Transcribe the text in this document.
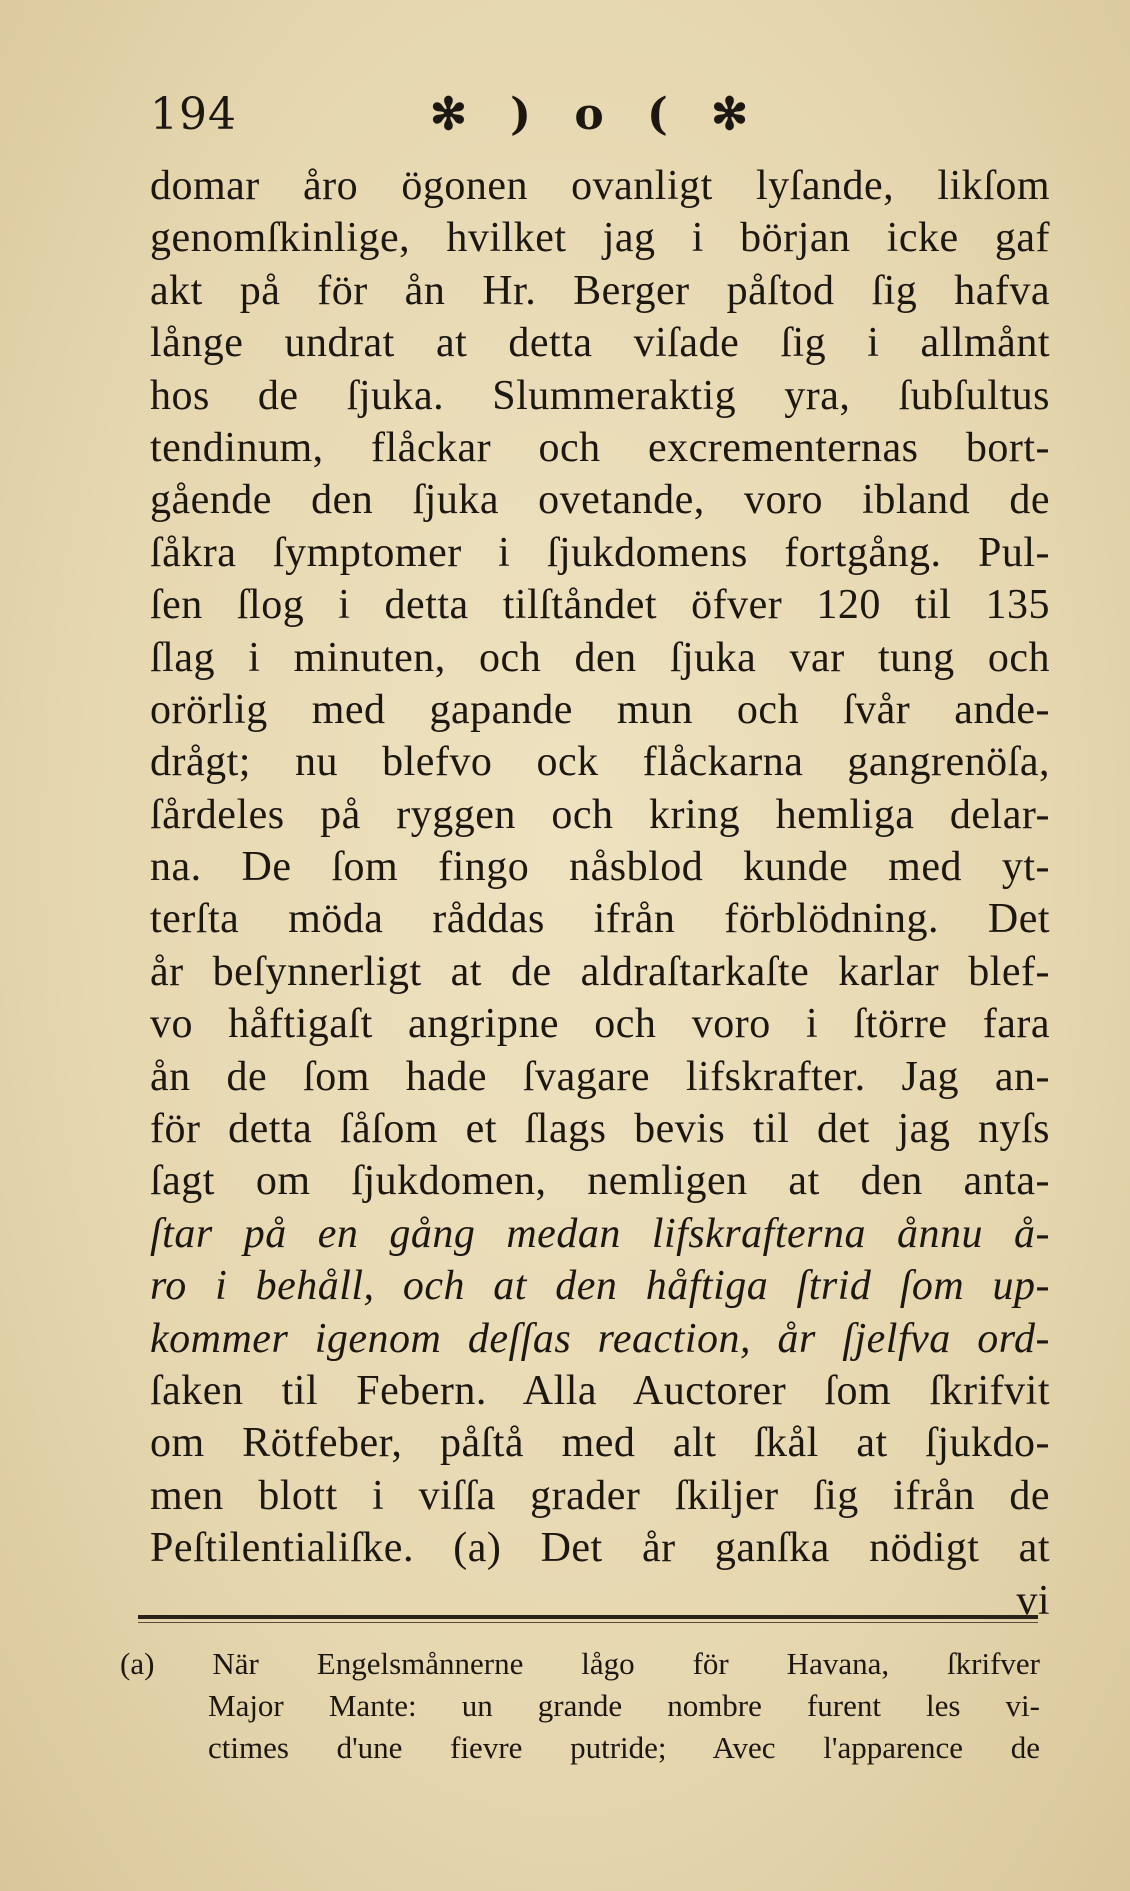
194	✻ ) o ( ✻
domar åro ögonen ovanligt lyſande, likſom
genomſkinlige, hvilket jag i början icke gaf
akt på för ån Hr. Berger påſtod ſig hafva
långe undrat at detta viſade ſig i allmånt
hos de ſjuka. Slummeraktig yra, ſubſultus
tendinum, flåckar och excrementernas bort-
gående den ſjuka ovetande, voro ibland de
ſåkra ſymptomer i ſjukdomens fortgång. Pul-
ſen ſlog i detta tilſtåndet öfver 120 til 135
ſlag i minuten, och den ſjuka var tung och
orörlig med gapande mun och ſvår ande-
drågt; nu blefvo ock flåckarna gangrenöſa,
ſårdeles på ryggen och kring hemliga delar-
na. De ſom fingo nåsblod kunde med yt-
terſta möda råddas ifrån förblödning. Det
år beſynnerligt at de aldraſtarkaſte karlar blef-
vo håftigaſt angripne och voro i ſtörre fara
ån de ſom hade ſvagare lifskrafter. Jag an-
för detta ſåſom et ſlags bevis til det jag nyſs
ſagt om ſjukdomen, nemligen at den anta-
ſtar på en gång medan lifskrafterna ånnu å-
ro i behåll, och at den håftiga ſtrid ſom up-
kommer igenom deſſas reaction, år ſjelfva ord-
ſaken til Febern. Alla Auctorer ſom ſkrifvit
om Rötfeber, påſtå med alt ſkål at ſjukdo-
men blott i viſſa grader ſkiljer ſig ifrån de
Peſtilentialiſke. (a) Det år ganſka nödigt at
vi
(a) När Engelsmånnerne lågo för Havana, ſkrifver
Major Mante: un grande nombre furent les vi-
ctimes d'une fievre putride; Avec l'apparence de
